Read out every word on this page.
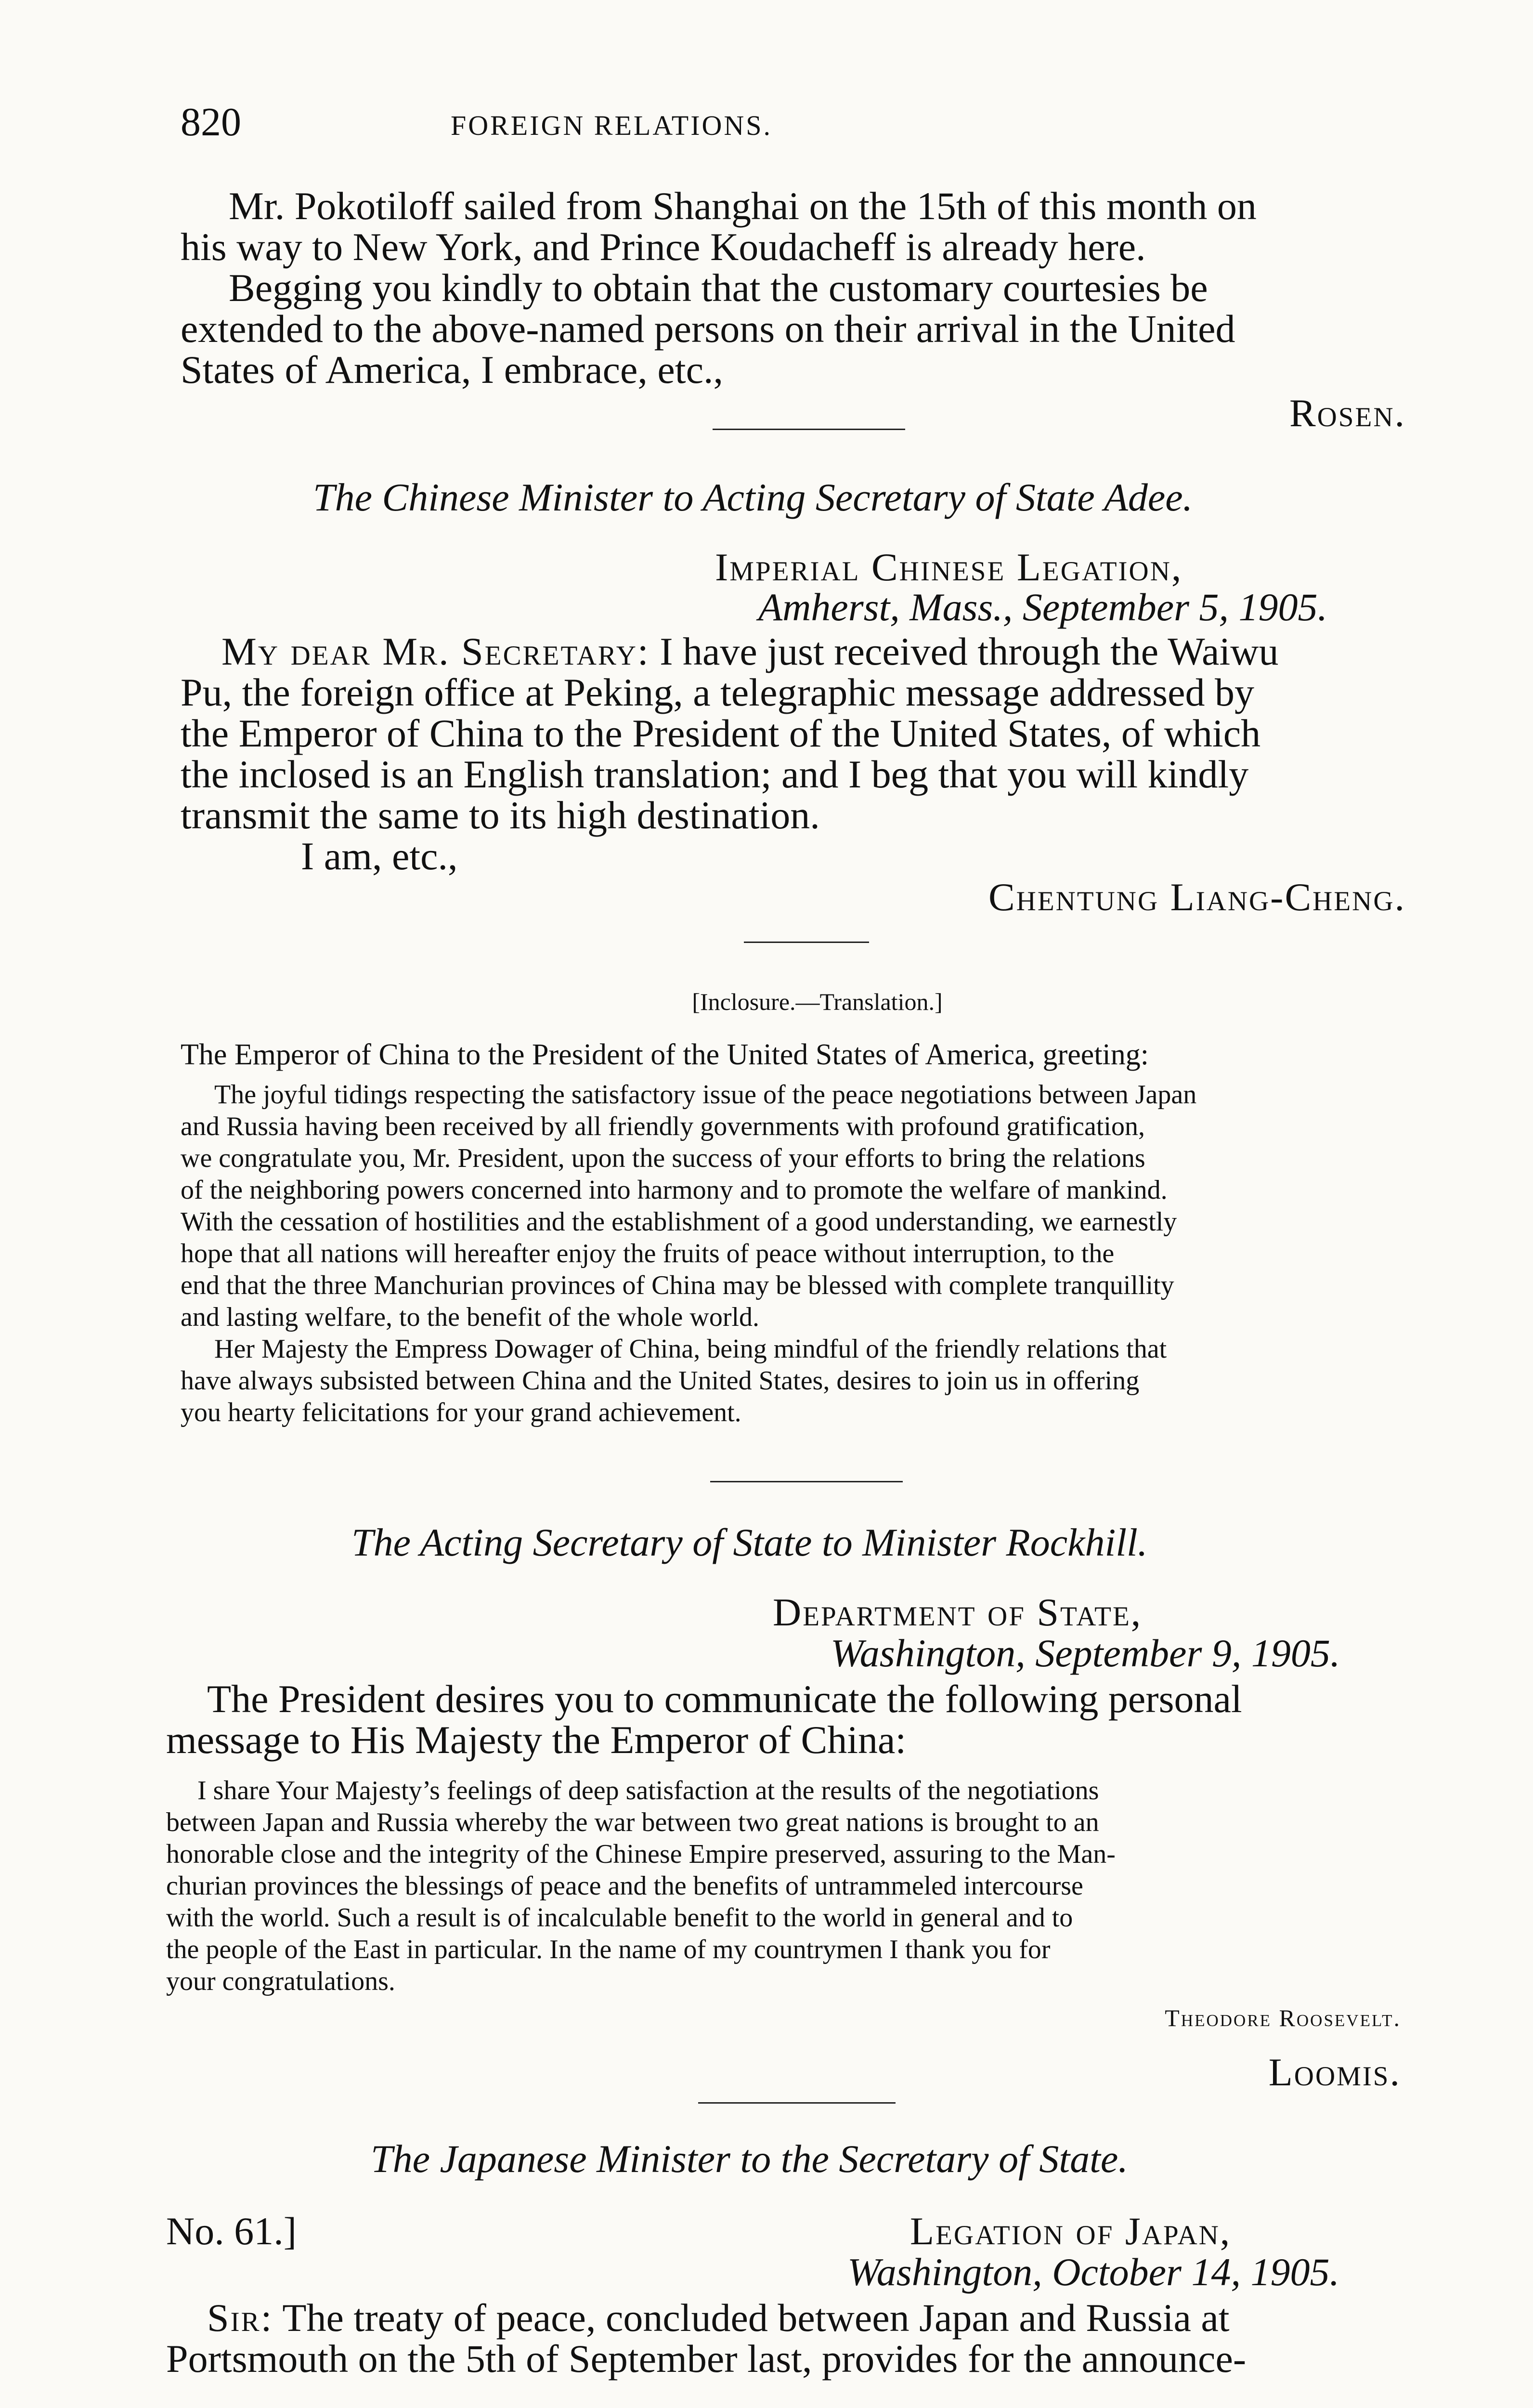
820	FOREIGN RELATIONS.
Mr. Pokotiloff sailed from Shanghai on the 15th of this month on
his way to New York, and Prince Koudacheff is already here.
Begging you kindly to obtain that the customary courtesies be
extended to the above-named persons on their arrival in the United
States of America, I embrace, etc.,
Rosen.
The Chinese Minister to Acting Secretary of State Adee.
Imperial Chinese Legation,
Amherst, Mass., September 5, 1905.
My dear Mr. Secretary: I have just received through the Waiwu
Pu, the foreign office at Peking, a telegraphic message addressed by
the Emperor of China to the President of the United States, of which
the inclosed is an English translation; and I beg that you will kindly
transmit the same to its high destination.
I am, etc.,
Chentung Liang-Cheng.
[Inclosure.—Translation.]
The Emperor of China to the President of the United States of America, greeting:
The joyful tidings respecting the satisfactory issue of the peace negotiations between Japan
and Russia having been received by all friendly governments with profound gratification,
we congratulate you, Mr. President, upon the success of your efforts to bring the relations
of the neighboring powers concerned into harmony and to promote the welfare of mankind.
With the cessation of hostilities and the establishment of a good understanding, we earnestly
hope that all nations will hereafter enjoy the fruits of peace without interruption, to the
end that the three Manchurian provinces of China may be blessed with complete tranquillity
and lasting welfare, to the benefit of the whole world.
Her Majesty the Empress Dowager of China, being mindful of the friendly relations that
have always subsisted between China and the United States, desires to join us in offering
you hearty felicitations for your grand achievement.
The Acting Secretary of State to Minister Rockhill.
Department of State,
Washington, September 9, 1905.
The President desires you to communicate the following personal
message to His Majesty the Emperor of China:
I share Your Majesty’s feelings of deep satisfaction at the results of the negotiations
between Japan and Russia whereby the war between two great nations is brought to an
honorable close and the integrity of the Chinese Empire preserved, assuring to the Man-
churian provinces the blessings of peace and the benefits of untrammeled intercourse
with the world. Such a result is of incalculable benefit to the world in general and to
the people of the East in particular. In the name of my countrymen I thank you for
your congratulations.
Theodore Roosevelt.
Loomis.
The Japanese Minister to the Secretary of State.
No. 61.]	Legation of Japan,
Washington, October 14, 1905.
Sir: The treaty of peace, concluded between Japan and Russia at
Portsmouth on the 5th of September last, provides for the announce-
